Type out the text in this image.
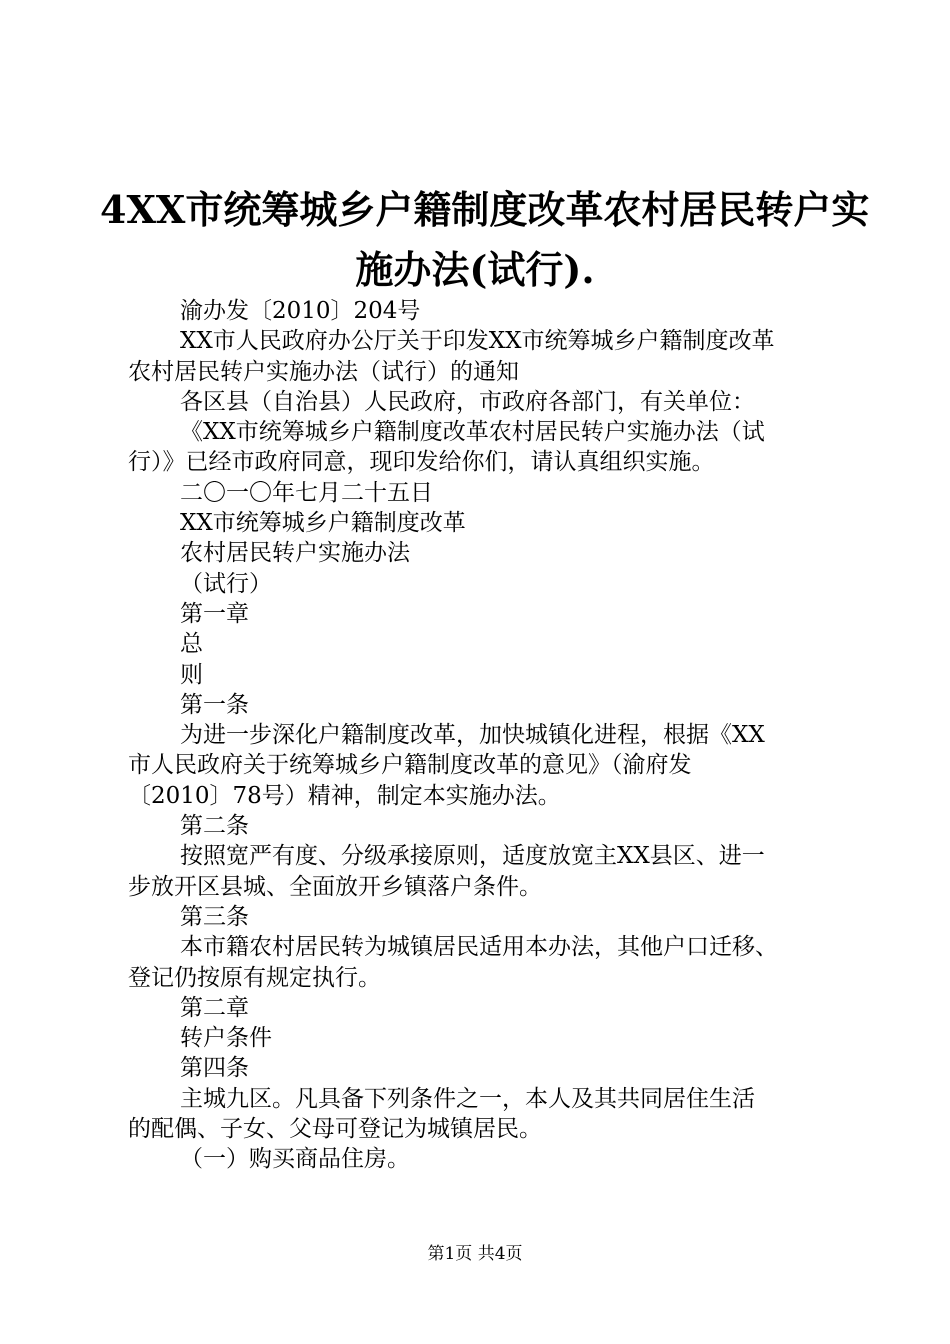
4XX市统筹城乡户籍制度改革农村居民转户实
施办法(试行).
渝办发〔2010〕204号
XX市人民政府办公厅关于印发XX市统筹城乡户籍制度改革
农村居民转户实施办法（试行）的通知
各区县（自治县）人民政府，市政府各部门，有关单位：
《XX市统筹城乡户籍制度改革农村居民转户实施办法（试
行）》已经市政府同意，现印发给你们，请认真组织实施。
二〇一〇年七月二十五日
XX市统筹城乡户籍制度改革
农村居民转户实施办法
（试行）
第一章
总
则
第一条
为进一步深化户籍制度改革，加快城镇化进程，根据《XX
市人民政府关于统筹城乡户籍制度改革的意见》（渝府发
〔2010〕78号）精神，制定本实施办法。
第二条
按照宽严有度、分级承接原则，适度放宽主XX县区、进一
步放开区县城、全面放开乡镇落户条件。
第三条
本市籍农村居民转为城镇居民适用本办法，其他户口迁移、
登记仍按原有规定执行。
第二章
转户条件
第四条
主城九区。凡具备下列条件之一，本人及其共同居住生活
的配偶、子女、父母可登记为城镇居民。
（一）购买商品住房。
第1页 共4页
